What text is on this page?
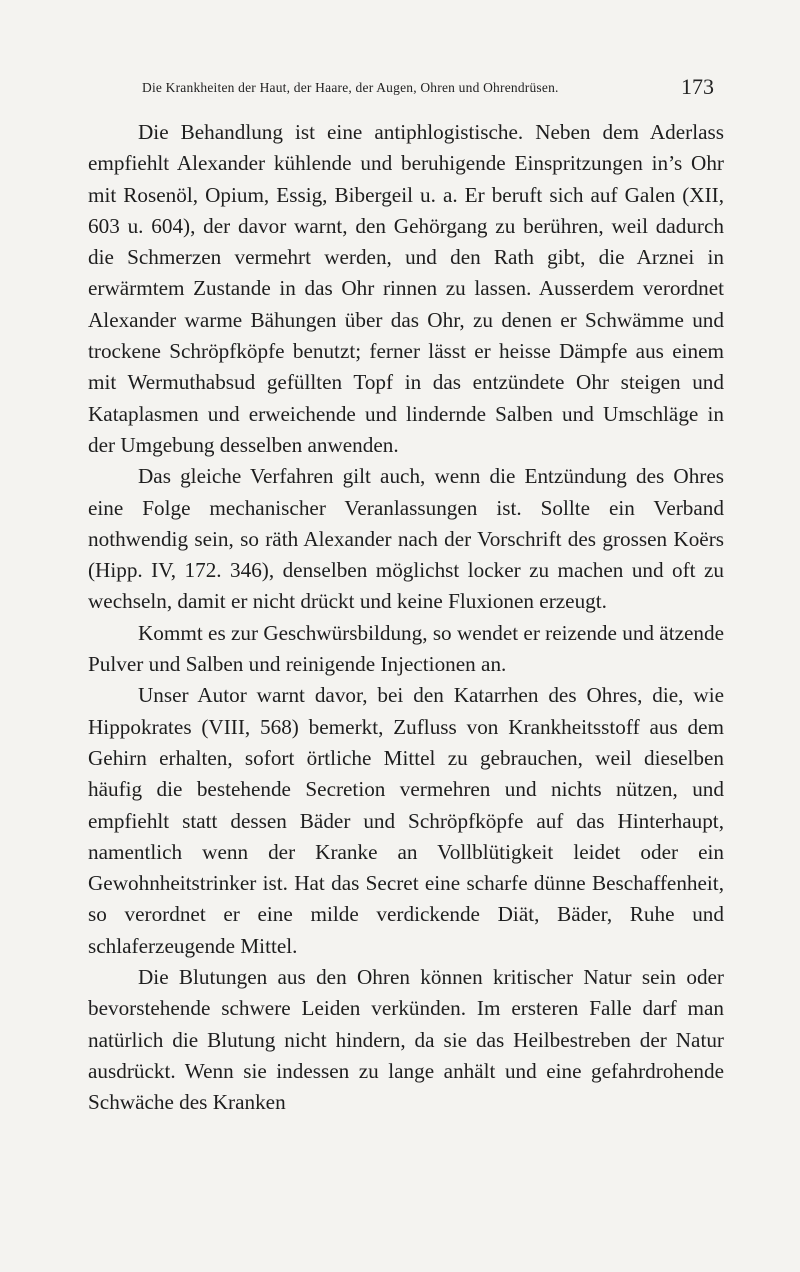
Die Krankheiten der Haut, der Haare, der Augen, Ohren und Ohrendrüsen.	173

Die Behandlung ist eine antiphlogistische. Neben dem Aderlass empfiehlt Alexander kühlende und beruhigende Einspritzungen in’s Ohr mit Rosenöl, Opium, Essig, Bibergeil u. a. Er beruft sich auf Galen (XII, 603 u. 604), der davor warnt, den Gehörgang zu berühren, weil dadurch die Schmerzen vermehrt werden, und den Rath gibt, die Arznei in erwärmtem Zustande in das Ohr rinnen zu lassen. Ausserdem verordnet Alexander warme Bähungen über das Ohr, zu denen er Schwämme und trockene Schröpfköpfe benutzt; ferner lässt er heisse Dämpfe aus einem mit Wermuthabsud gefüllten Topf in das entzündete Ohr steigen und Kataplasmen und erweichende und lindernde Salben und Umschläge in der Umgebung desselben anwenden.

Das gleiche Verfahren gilt auch, wenn die Entzündung des Ohres eine Folge mechanischer Veranlassungen ist. Sollte ein Verband nothwendig sein, so räth Alexander nach der Vorschrift des grossen Koërs (Hipp. IV, 172. 346), denselben möglichst locker zu machen und oft zu wechseln, damit er nicht drückt und keine Fluxionen erzeugt.

Kommt es zur Geschwürsbildung, so wendet er reizende und ätzende Pulver und Salben und reinigende Injectionen an.

Unser Autor warnt davor, bei den Katarrhen des Ohres, die, wie Hippokrates (VIII, 568) bemerkt, Zufluss von Krankheitsstoff aus dem Gehirn erhalten, sofort örtliche Mittel zu gebrauchen, weil dieselben häufig die bestehende Secretion vermehren und nichts nützen, und empfiehlt statt dessen Bäder und Schröpfköpfe auf das Hinterhaupt, namentlich wenn der Kranke an Vollblütigkeit leidet oder ein Gewohnheitstrinker ist. Hat das Secret eine scharfe dünne Beschaffenheit, so verordnet er eine milde verdickende Diät, Bäder, Ruhe und schlaferzeugende Mittel.

Die Blutungen aus den Ohren können kritischer Natur sein oder bevorstehende schwere Leiden verkünden. Im ersteren Falle darf man natürlich die Blutung nicht hindern, da sie das Heilbestreben der Natur ausdrückt. Wenn sie indessen zu lange anhält und eine gefahrdrohende Schwäche des Kranken
